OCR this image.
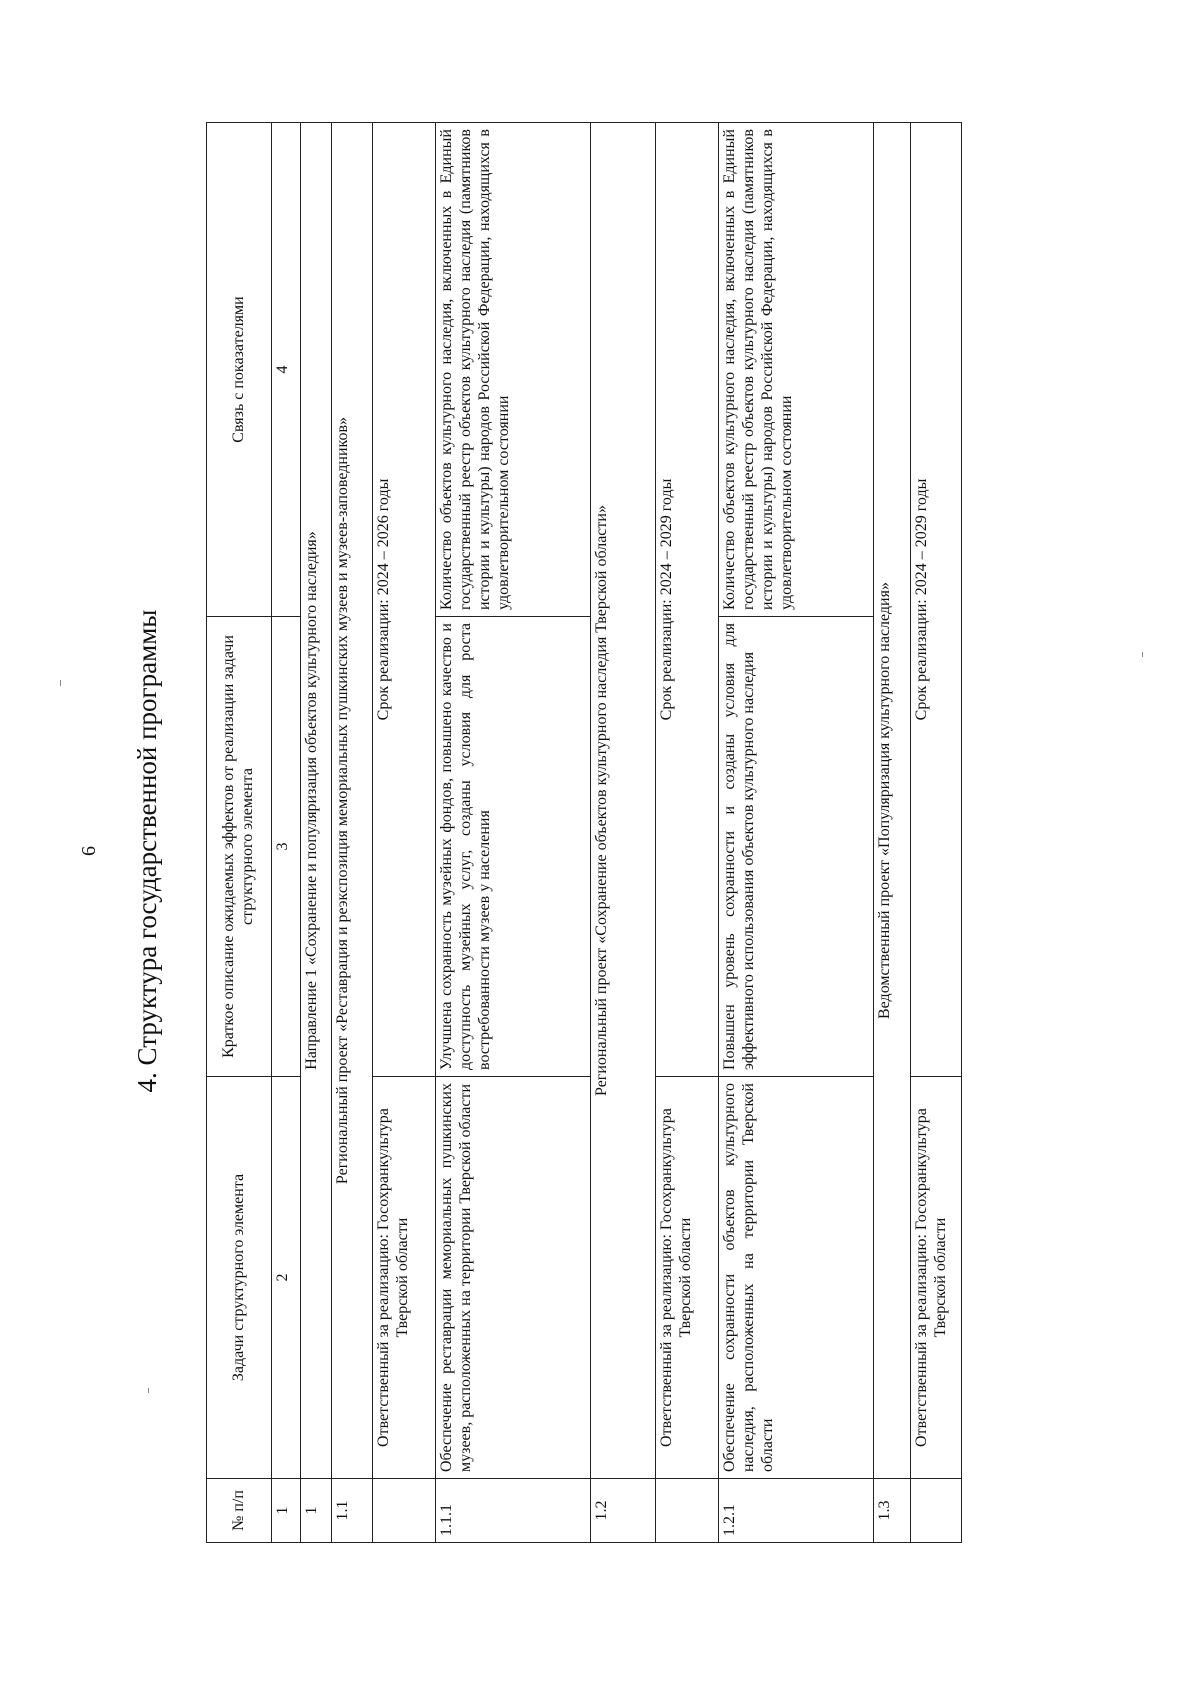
6 4. Структура государственной программы
№ п/п	Задачи структурного элемента	Краткое описание ожидаемых эффектов от реализации задачи структурного элемента	Связь с показателями
1	2	3	4
1	Направление 1 «Сохранение и популяризация объектов культурного наследия»		
1.1	Региональный проект «Реставрация и реэкспозиция мемориальных пушкинских музеев и музеев-заповедников»		
	Ответственный за реализацию: Госохранкультура Тверской области	Срок реализации: 2024 – 2026 годы	
1.1.1	Обеспечение реставрации мемориальных пушкинских музеев, расположенных на территории Тверской области	Улучшена сохранность музейных фондов, повышено качество и доступность музейных услуг, созданы условия для роста востребованности музеев у населения	Количество объектов культурного наследия, включенных в Единый государственный реестр объектов культурного наследия (памятников истории и культуры) народов Российской Федерации, находящихся в удовлетворительном состоянии
1.2	Региональный проект «Сохранение объектов культурного наследия Тверской области»		
	Ответственный за реализацию: Госохранкультура Тверской области	Срок реализации: 2024 – 2029 годы	
1.2.1	Обеспечение сохранности объектов культурного наследия, расположенных на территории Тверской области	Повышен уровень сохранности и созданы условия для эффективного использования объектов культурного наследия	Количество объектов культурного наследия, включенных в Единый государственный реестр объектов культурного наследия (памятников истории и культуры) народов Российской Федерации, находящихся в удовлетворительном состоянии
1.3	Ведомственный проект «Популяризация культурного наследия»		
	Ответственный за реализацию: Госохранкультура Тверской области	Срок реализации: 2024 – 2029 годы	
